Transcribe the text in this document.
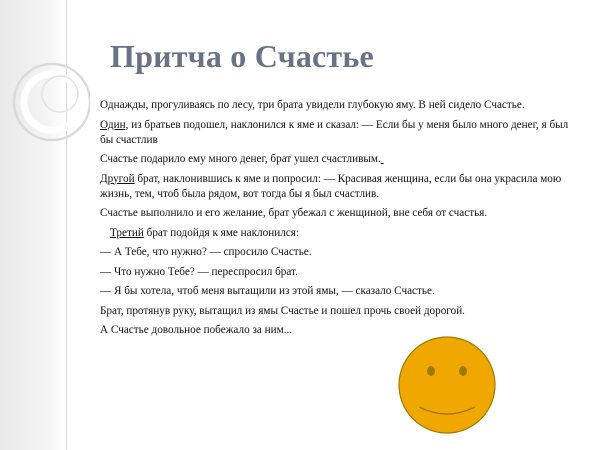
Притча о Счастье

Однажды, прогуливаясь по лесу, три брата увидели глубокую яму. В ней сидело Счастье.

Один, из братьев подошел, наклонился к яме и сказал: — Если бы у меня было много денег, я был бы счастлив

Счастье подарило ему много денег, брат ушел счастливым.

Другой брат, наклонившись к яме и попросил: — Красивая женщина, если бы она украсила мою жизнь, тем, чтоб была рядом, вот тогда бы я был счастлив.

Счастье выполнило и его желание, брат убежал с женщиной, вне себя от счастья.

Третий брат подойдя к яме наклонился:

— А Тебе, что нужно? — спросило Счастье.

— Что нужно Тебе? — переспросил брат.

— Я бы хотела, чтоб меня вытащили из этой ямы, — сказало Счастье.

Брат, протянув руку, вытащил из ямы Счастье и пошел прочь своей дорогой.

А Счастье довольное побежало за ним...
